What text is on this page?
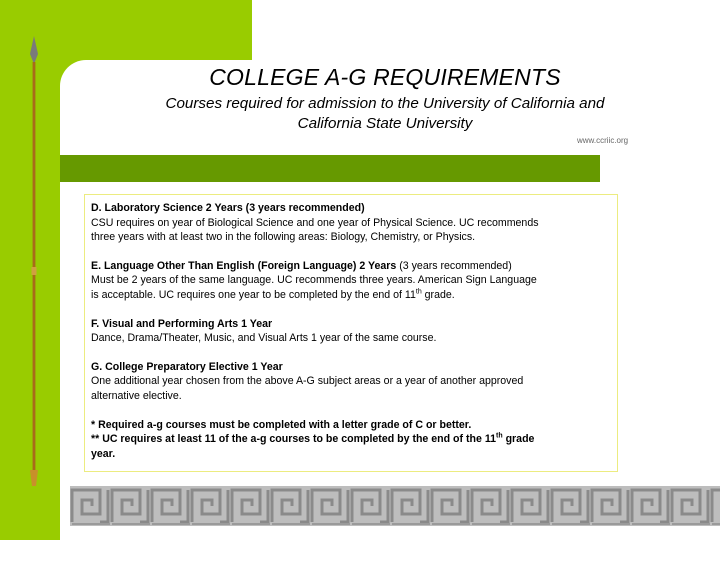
COLLEGE A-G REQUIREMENTS
Courses required for admission to the University of California and
California State University
www.ccriic.org
D. Laboratory Science 2 Years (3 years recommended)
CSU requires on year of Biological Science and one year of Physical Science. UC recommends
three years with at least two in the following areas: Biology, Chemistry, or Physics.
E. Language Other Than English (Foreign Language) 2 Years (3 years recommended)
Must be 2 years of the same language. UC recommends three years. American Sign Language
is acceptable. UC requires one year to be completed by the end of 11th grade.
F. Visual and Performing Arts 1 Year
Dance, Drama/Theater, Music, and Visual Arts 1 year of the same course.
G. College Preparatory Elective 1 Year
One additional year chosen from the above A-G subject areas or a year of another approved
alternative elective.
* Required a-g courses must be completed with a letter grade of C or better.
** UC requires at least 11 of the a-g courses to be completed by the end of the 11th grade
year.
